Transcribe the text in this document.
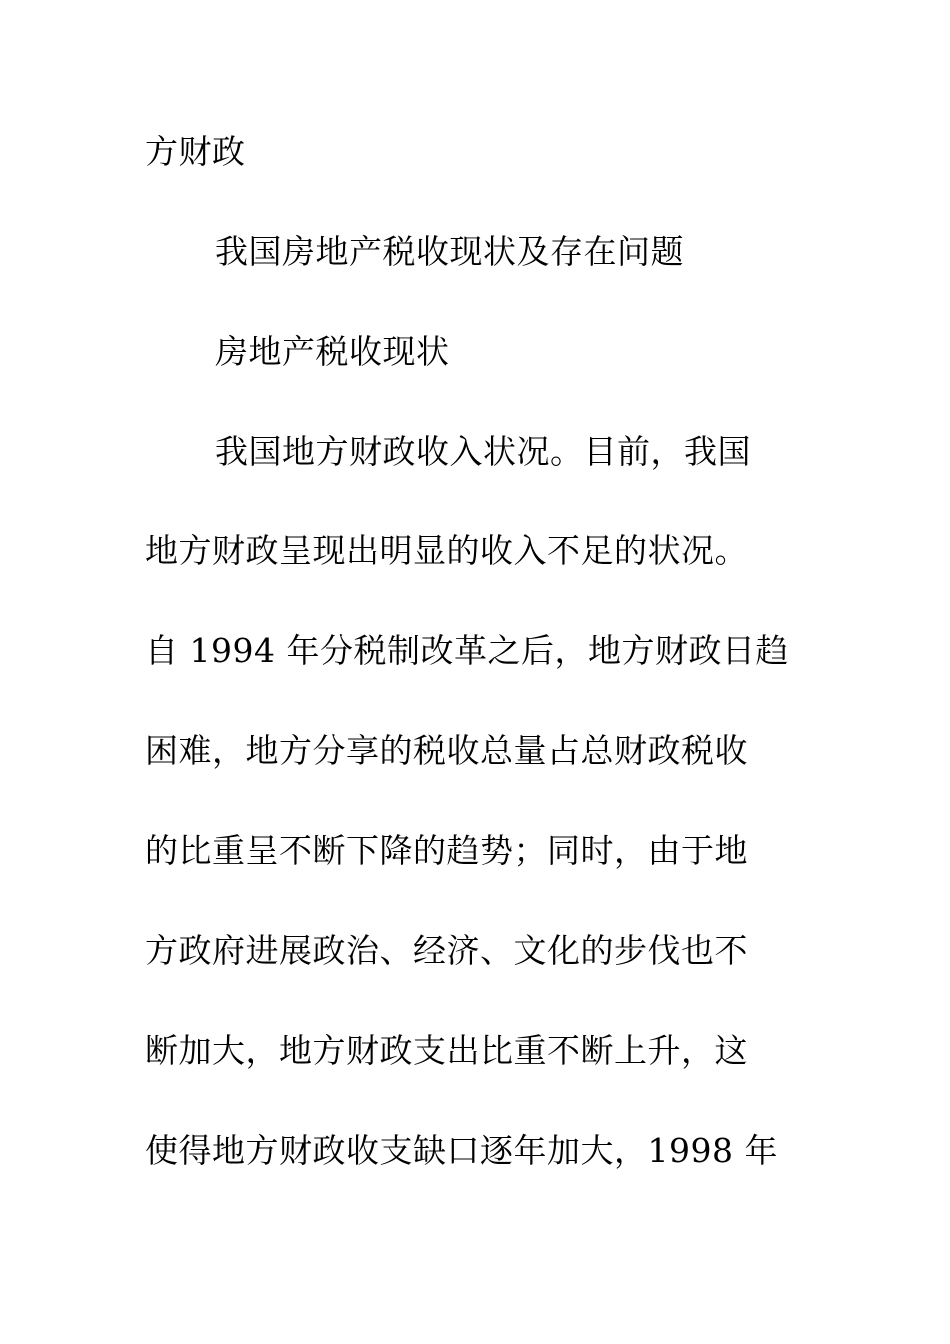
方财政
我国房地产税收现状及存在问题
房地产税收现状
我国地方财政收入状况。目前，我国
地方财政呈现出明显的收入不足的状况。
自 1994 年分税制改革之后，地方财政日趋
困难，地方分享的税收总量占总财政税收
的比重呈不断下降的趋势；同时，由于地
方政府进展政治、经济、文化的步伐也不
断加大，地方财政支出比重不断上升，这
使得地方财政收支缺口逐年加大，1998 年
